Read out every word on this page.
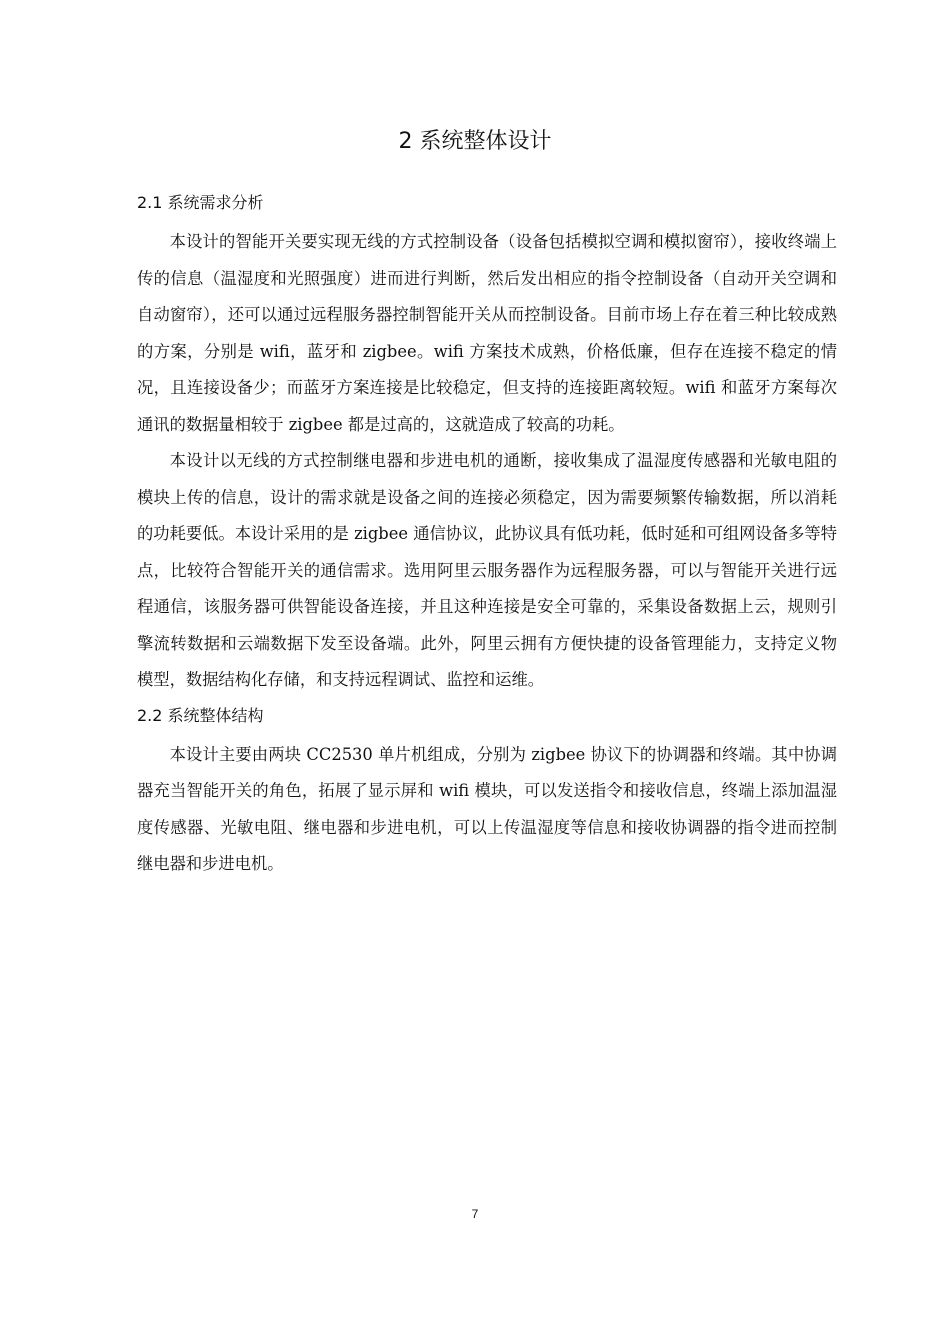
2 系统整体设计
2.1 系统需求分析

本设计的智能开关要实现无线的方式控制设备（设备包括模拟空调和模拟窗帘），接收终端上传的信息（温湿度和光照强度）进而进行判断，然后发出相应的指令控制设备（自动开关空调和自动窗帘），还可以通过远程服务器控制智能开关从而控制设备。目前市场上存在着三种比较成熟的方案，分别是 wifi，蓝牙和 zigbee。wifi 方案技术成熟，价格低廉，但存在连接不稳定的情况，且连接设备少；而蓝牙方案连接是比较稳定，但支持的连接距离较短。wifi 和蓝牙方案每次通讯的数据量相较于 zigbee 都是过高的，这就造成了较高的功耗。

本设计以无线的方式控制继电器和步进电机的通断，接收集成了温湿度传感器和光敏电阻的模块上传的信息，设计的需求就是设备之间的连接必须稳定，因为需要频繁传输数据，所以消耗的功耗要低。本设计采用的是 zigbee 通信协议，此协议具有低功耗，低时延和可组网设备多等特点，比较符合智能开关的通信需求。选用阿里云服务器作为远程服务器，可以与智能开关进行远程通信，该服务器可供智能设备连接，并且这种连接是安全可靠的，采集设备数据上云，规则引擎流转数据和云端数据下发至设备端。此外，阿里云拥有方便快捷的设备管理能力，支持定义物模型，数据结构化存储，和支持远程调试、监控和运维。

2.2 系统整体结构

本设计主要由两块 CC2530 单片机组成，分别为 zigbee 协议下的协调器和终端。其中协调器充当智能开关的角色，拓展了显示屏和 wifi 模块，可以发送指令和接收信息，终端上添加温湿度传感器、光敏电阻、继电器和步进电机，可以上传温湿度等信息和接收协调器的指令进而控制继电器和步进电机。

7
